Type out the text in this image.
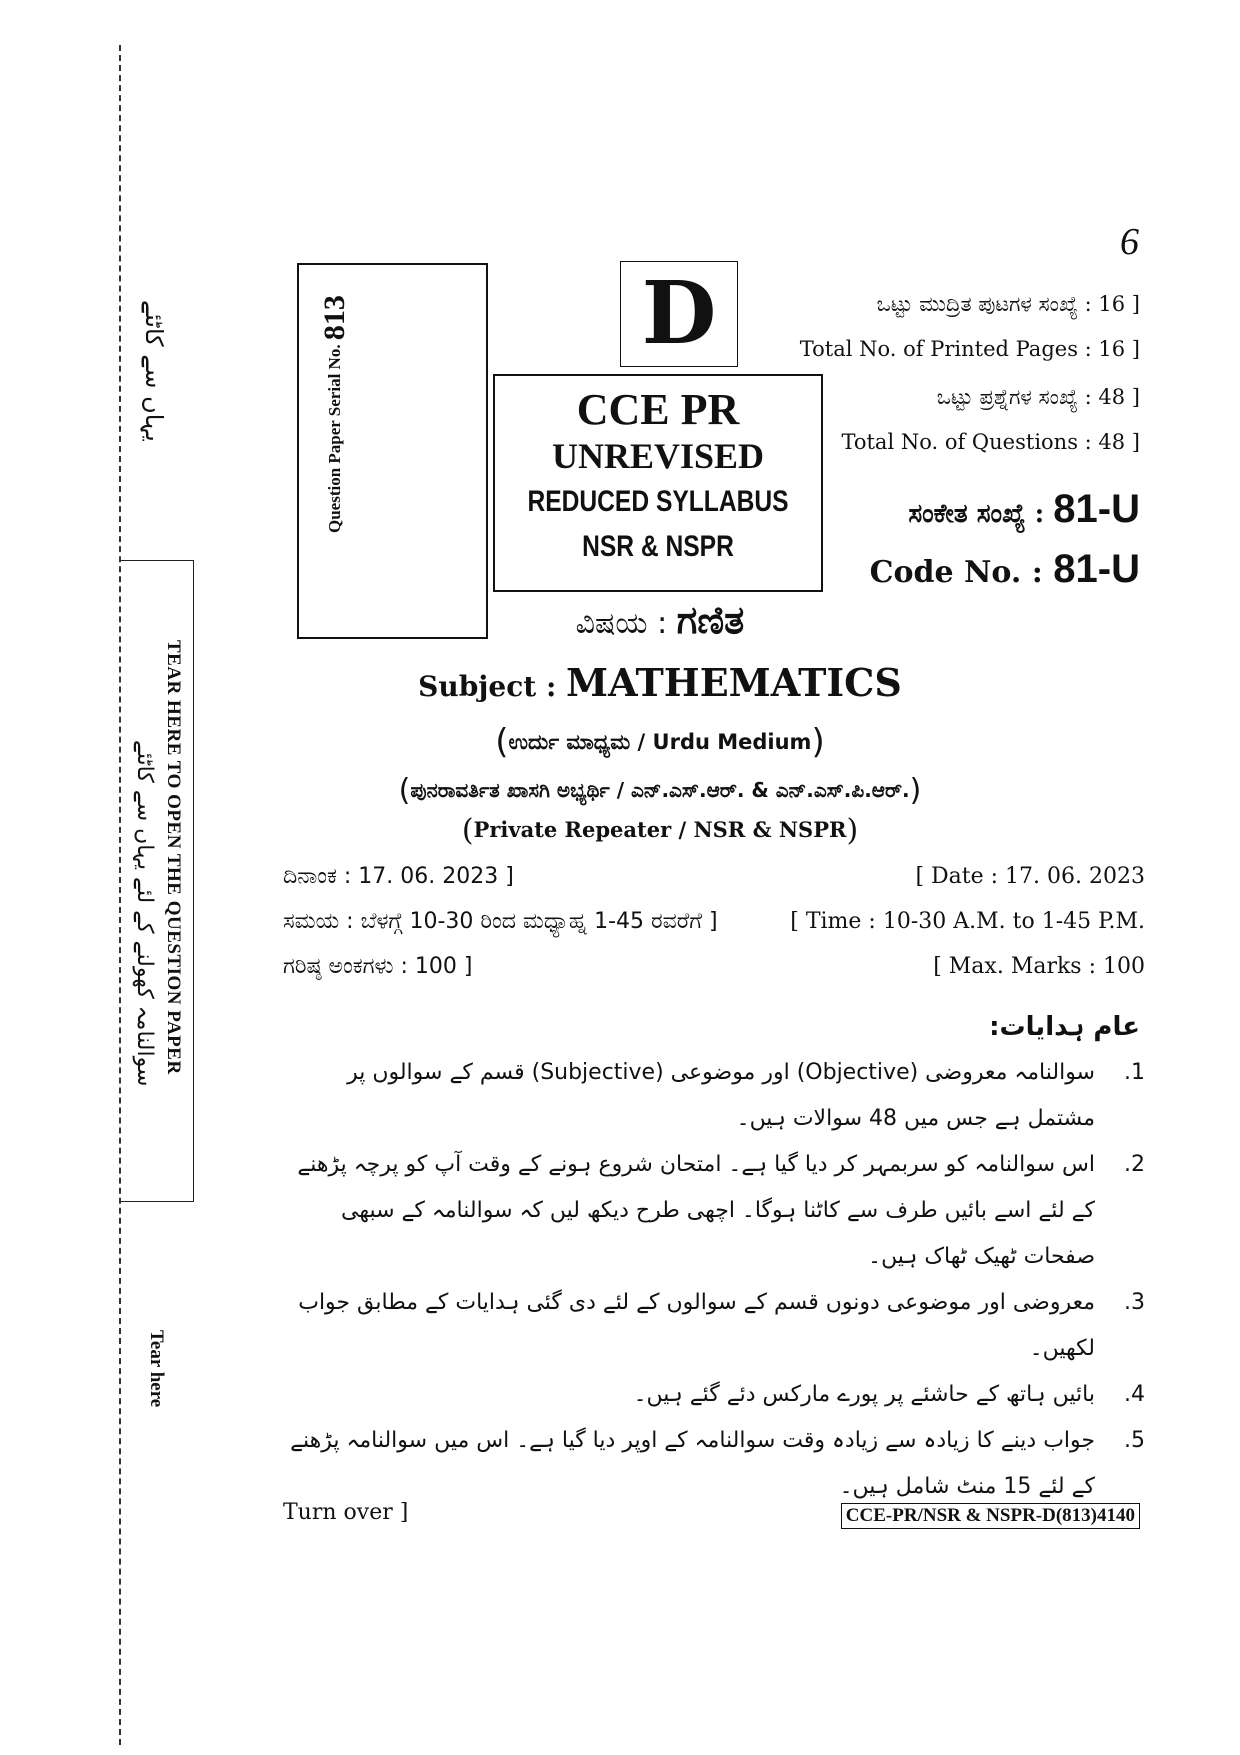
یہاں سے کاٹئے
TEAR HERE TO OPEN THE QUESTION PAPER
سوالنامہ کھولنے کے لئے یہاں سے کاٹئے
Tear here
6
Question Paper Serial No. 813	D
CCE PR
UNREVISED
REDUCED SYLLABUS
NSR & NSPR
ಒಟ್ಟು ಮುದ್ರಿತ ಪುಟಗಳ ಸಂಖ್ಯೆ : 16 ]
Total No. of Printed Pages : 16 ]
ಒಟ್ಟು ಪ್ರಶ್ನೆಗಳ ಸಂಖ್ಯೆ : 48 ]
Total No. of Questions : 48 ]
ಸಂಕೇತ ಸಂಖ್ಯೆ : 81-U
Code No. : 81-U
ವಿಷಯ : ಗಣಿತ
Subject : MATHEMATICS
(ಉರ್ದು ಮಾಧ್ಯಮ / Urdu Medium)
(ಪುನರಾವರ್ತಿತ ಖಾಸಗಿ ಅಭ್ಯರ್ಥಿ / ಎನ್.ಎಸ್.ಆರ್. & ಎನ್.ಎಸ್.ಪಿ.ಆರ್.)
(Private Repeater / NSR & NSPR)
ದಿನಾಂಕ : 17. 06. 2023 ]	[ Date : 17. 06. 2023
ಸಮಯ : ಬೆಳಗ್ಗೆ 10-30 ರಿಂದ ಮಧ್ಯಾಹ್ನ 1-45 ರವರೆಗೆ ]	[ Time : 10-30 A.M. to 1-45 P.M.
ಗರಿಷ್ಠ ಅಂಕಗಳು : 100 ]	[ Max. Marks : 100
عام ہدایات:
1.
سوالنامہ معروضی (Objective) اور موضوعی (Subjective) قسم کے سوالوں پر مشتمل ہے جس میں 48 سوالات ہیں۔
2.
اس سوالنامہ کو سربمہر کر دیا گیا ہے۔ امتحان شروع ہونے کے وقت آپ کو پرچہ پڑھنے کے لئے اسے بائیں طرف سے کاٹنا ہوگا۔ اچھی طرح دیکھ لیں کہ سوالنامہ کے سبھی صفحات ٹھیک ٹھاک ہیں۔
3.
معروضی اور موضوعی دونوں قسم کے سوالوں کے لئے دی گئی ہدایات کے مطابق جواب لکھیں۔
4.
بائیں ہاتھ کے حاشئے پر پورے مارکس دئے گئے ہیں۔
5.
جواب دینے کا زیادہ سے زیادہ وقت سوالنامہ کے اوپر دیا گیا ہے۔ اس میں سوالنامہ پڑھنے کے لئے 15 منٹ شامل ہیں۔
Turn over ]	CCE-PR/NSR & NSPR-D(813)4140
